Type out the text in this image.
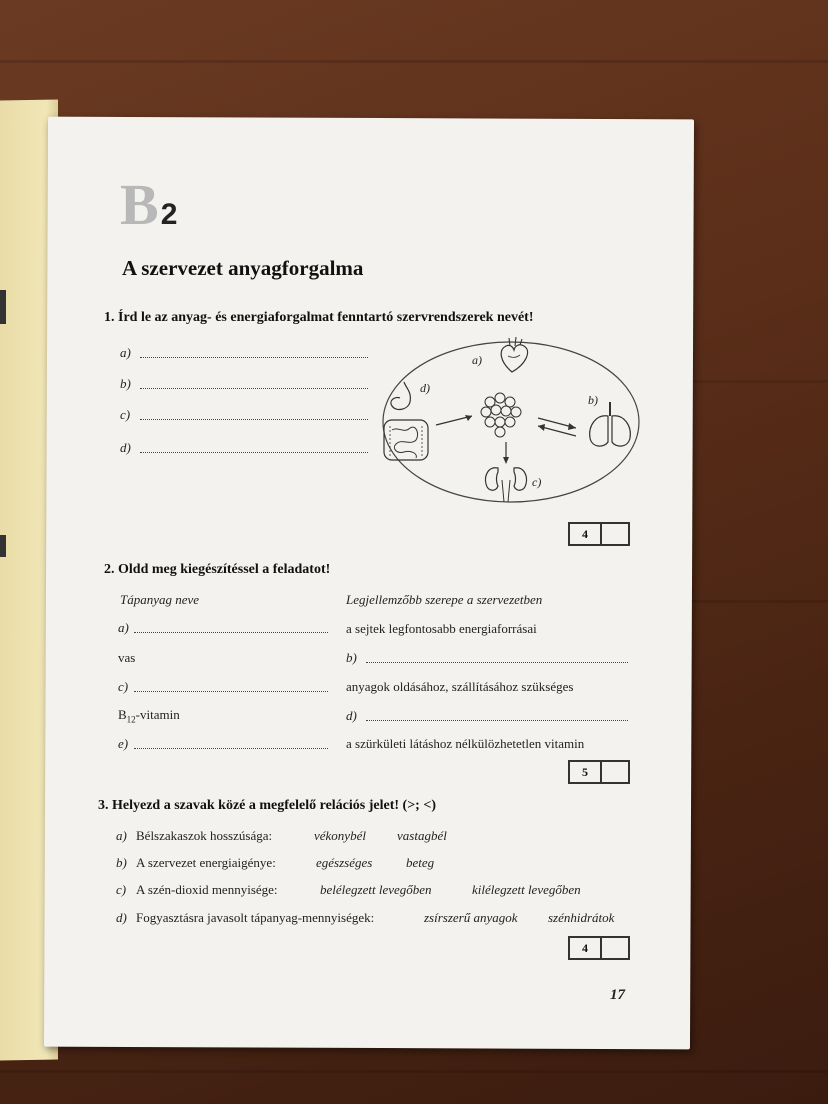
B2
A szervezet anyagforgalma
1. Írd le az anyag- és energiaforgalmat fenntartó szervrendszerek nevét!
a)
b)
c)
d)
a)
d)
b)
c)
4
2. Oldd meg kiegészítéssel a feladatot!
Tápanyag neve	Legjellemzőbb szerepe a szervezetben
a)	a sejtek legfontosabb energiaforrásai
vas	b)
c)	anyagok oldásához, szállításához szükséges
$B_{12}$-vitamin	d)
e)	a szürkületi látáshoz nélkülözhetetlen vitamin
5
3. Helyezd a szavak közé a megfelelő relációs jelet! (>; <)
a) Bélszakaszok hosszúsága:	vékonybél vastagbél
b) A szervezet energiaigénye:	egészséges	beteg
c) A szén-dioxid mennyisége:	belélegzett levegőben	kilélegzett levegőben
d) Fogyasztásra javasolt tápanyag-mennyiségek:	zsírszerű anyagok szénhidrátok
4
17
